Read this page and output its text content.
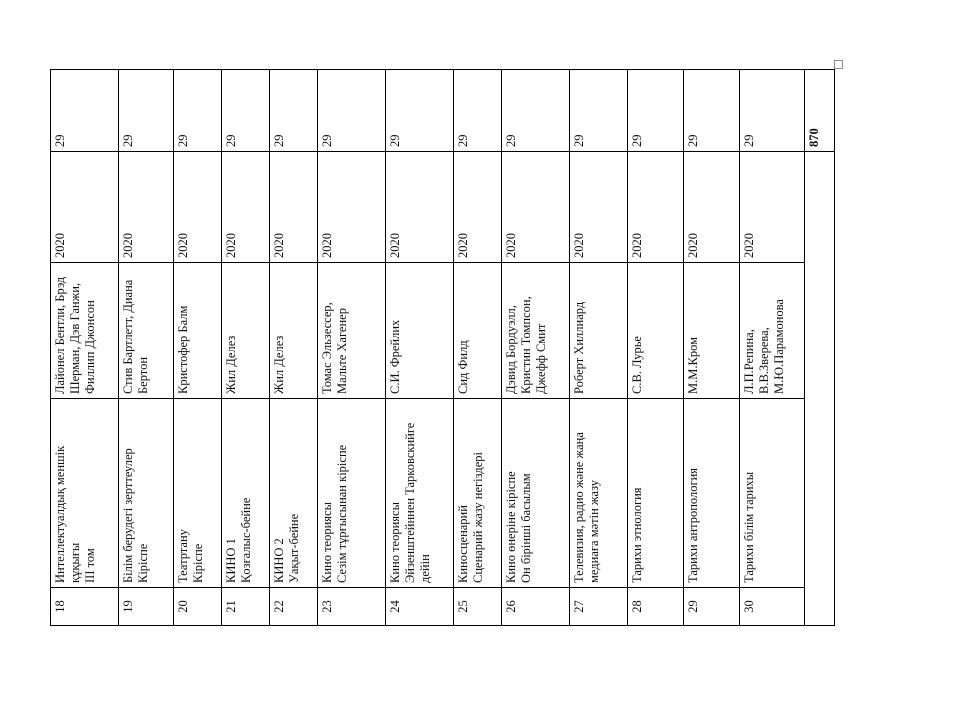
18	Интеллектуалдық меншік құқығы III том	Лайонел Бентли, Брэд Шерман, Дэв Ганжи, Филлип Джонсон	2020	29
19	Білім берудегі зерттеулер Кіріспе	Стив Бартлетт, Диана Бертон	2020	29
20	Театртану Кіріспе	Кристофер Балм	2020	29
21	КИНО 1 Қозғалыс-бейне	Жил Делез	2020	29
22	КИНО 2 Уақыт-бейне	Жил Делез	2020	29
23	Кино теориясы Сезім тұрғысынан кіріспе	Томас Эльзессер, Мальте Хагенер	2020	29
24	Кино теориясы Эйзенштейннен Тарковскийге дейін	С.И. Фрейлих	2020	29
25	Киносценарий Сценарий жазу негіздері	Сид Филд	2020	29
26	Кино өнеріне кіріспе Он бірінші басылым	Дэвид Бордуэлл, Кристин Томпсон, Джефф Смит	2020	29
27	Телевизия, радио және жаңа медиаға мәтін жазу	Роберт Хиллиард	2020	29
28	Тарихи этнология	С.В. Лурье	2020	29
29	Тарихи антропология	М.М.Кром	2020	29
30	Тарихи білім тарихы	Л.П.Репина, В.В.Зверева, М.Ю.Парамонова	2020	29
				870
